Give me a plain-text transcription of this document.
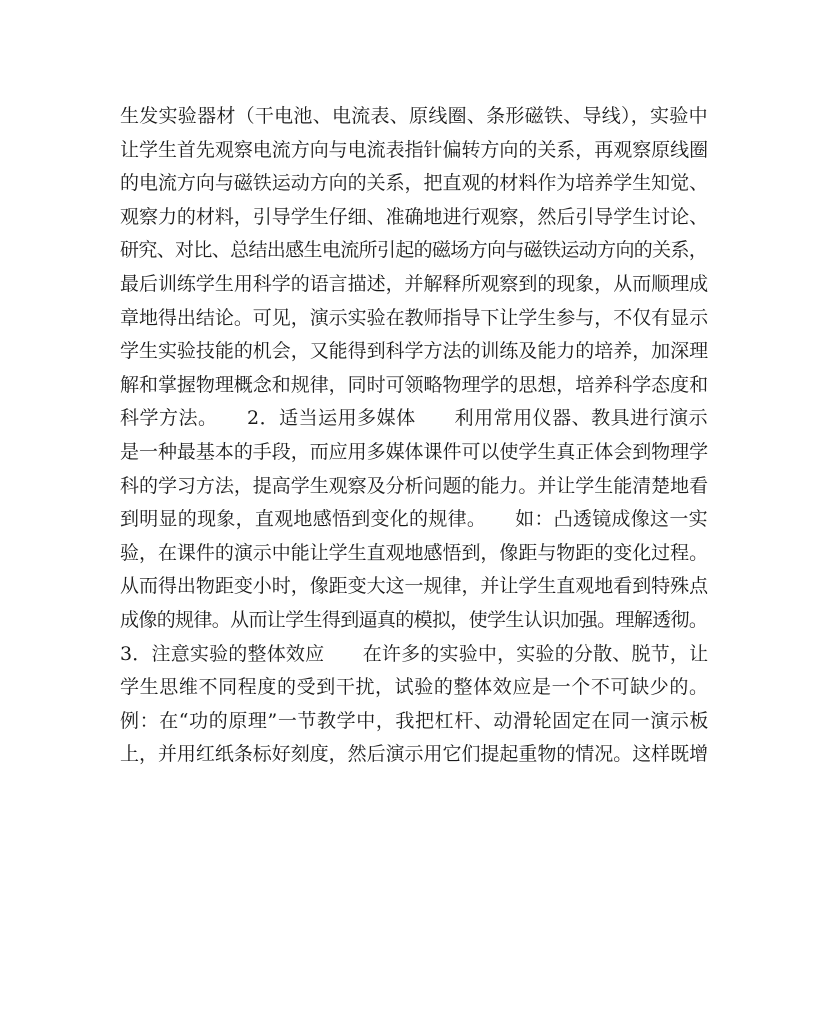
生发实验器材（干电池、电流表、原线圈、条形磁铁、导线），实验中
让学生首先观察电流方向与电流表指针偏转方向的关系，再观察原线圈
的电流方向与磁铁运动方向的关系，把直观的材料作为培养学生知觉、
观察力的材料，引导学生仔细、准确地进行观察，然后引导学生讨论、
研究、对比、总结出感生电流所引起的磁场方向与磁铁运动方向的关系，
最后训练学生用科学的语言描述，并解释所观察到的现象，从而顺理成
章地得出结论。可见，演示实验在教师指导下让学生参与，不仅有显示
学生实验技能的机会，又能得到科学方法的训练及能力的培养，加深理
解和掌握物理概念和规律，同时可领略物理学的思想，培养科学态度和
科学方法。　　2．适当运用多媒体　　利用常用仪器、教具进行演示
是一种最基本的手段，而应用多媒体课件可以使学生真正体会到物理学
科的学习方法，提高学生观察及分析问题的能力。并让学生能清楚地看
到明显的现象，直观地感悟到变化的规律。　　如：凸透镜成像这一实
验，在课件的演示中能让学生直观地感悟到，像距与物距的变化过程。
从而得出物距变小时，像距变大这一规律，并让学生直观地看到特殊点
成像的规律。从而让学生得到逼真的模拟，使学生认识加强。理解透彻。
3．注意实验的整体效应　　在许多的实验中，实验的分散、脱节，让
学生思维不同程度的受到干扰，试验的整体效应是一个不可缺少的。
例：在“功的原理”一节教学中，我把杠杆、动滑轮固定在同一演示板
上，并用红纸条标好刻度，然后演示用它们提起重物的情况。这样既增
